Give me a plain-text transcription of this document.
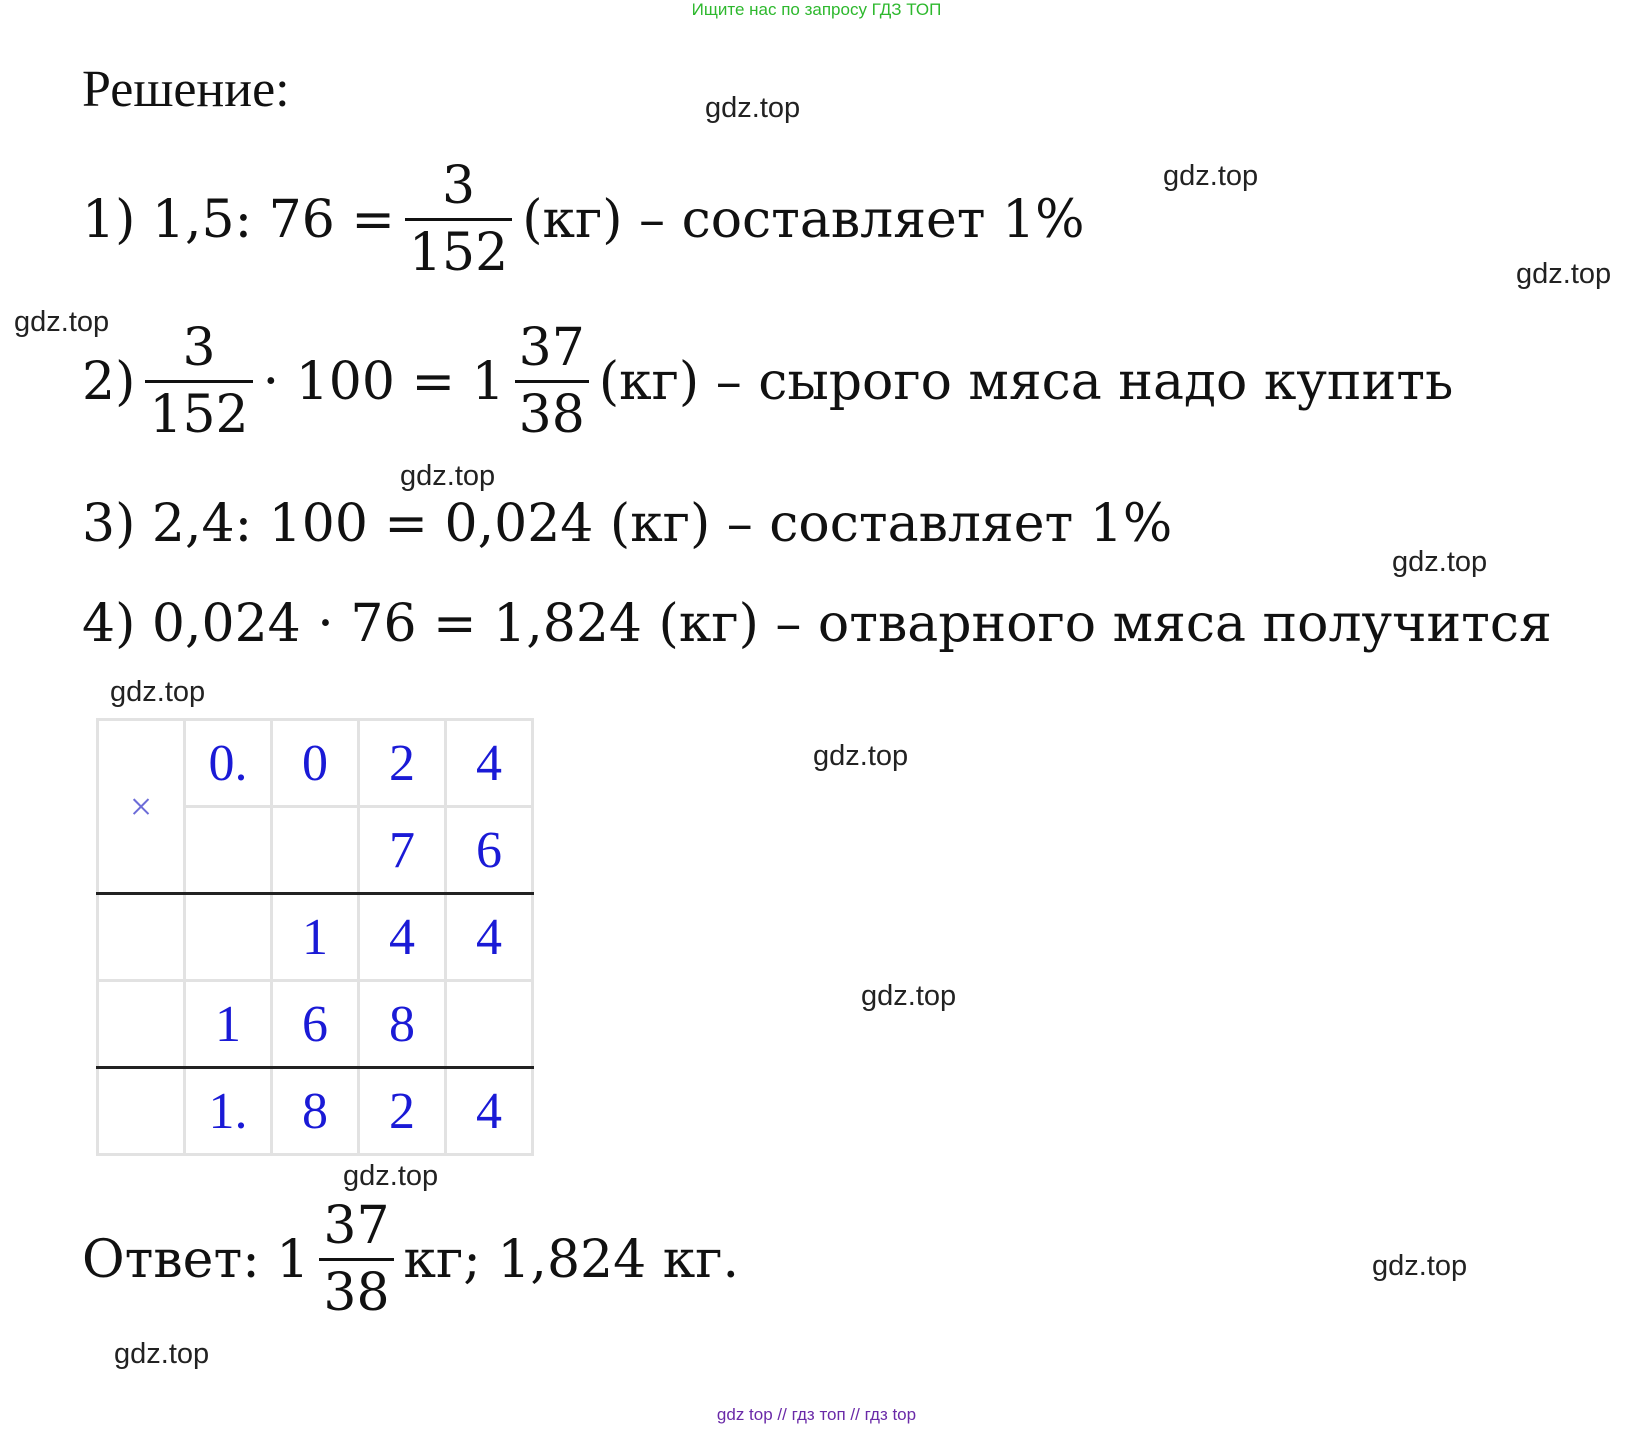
Ищите нас по запросу ГДЗ ТОП
Решение:
1) 1,5: $76 = \frac{3}{152} (кг)$ – составляет 1%
$2) \frac{3}{152} \cdot 100 = 1 \frac{37}{38} (кг)$ – сырого мяса надо купить
3) 2,4: 100 = 0,024 (кг) – составляет 1%
4) 0,024 · 76 = 1,824 (кг) – отварного мяса получится
×	0.	0	2	4
			7	6
		1	4	4
	1	6	8	
	1.	8	2	4
Ответ: $1 \frac{37}{38}$ кг; 1,824 кг.
gdz.top
gdz.top
gdz.top
gdz.top
gdz.top
gdz.top
gdz.top
gdz.top
gdz.top
gdz.top
gdz.top
gdz.top
gdz top // гдз топ // гдз top
